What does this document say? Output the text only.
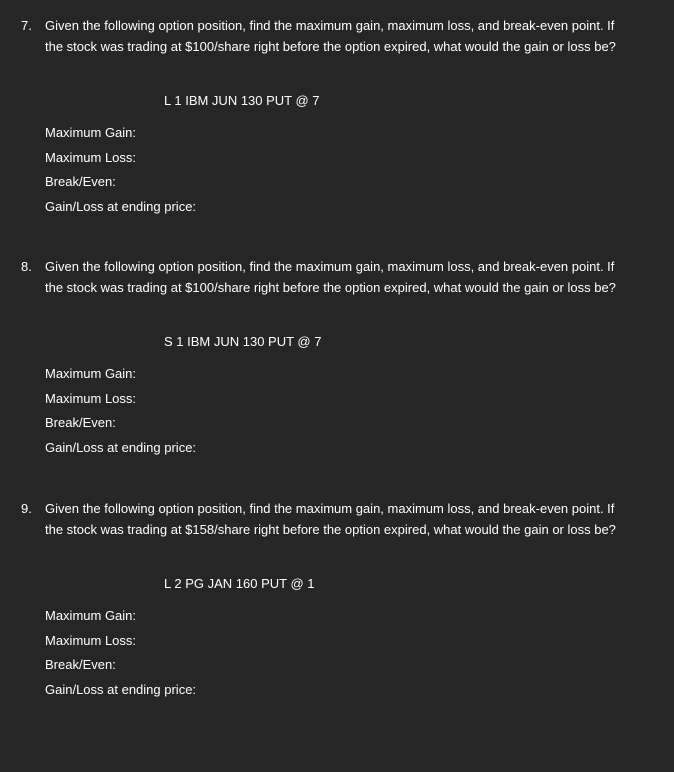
7. Given the following option position, find the maximum gain, maximum loss, and break-even point. If the stock was trading at $100/share right before the option expired, what would the gain or loss be?
L 1 IBM JUN 130 PUT @ 7
Maximum Gain:
Maximum Loss:
Break/Even:
Gain/Loss at ending price:
8. Given the following option position, find the maximum gain, maximum loss, and break-even point. If the stock was trading at $100/share right before the option expired, what would the gain or loss be?
S 1 IBM JUN 130 PUT @ 7
Maximum Gain:
Maximum Loss:
Break/Even:
Gain/Loss at ending price:
9. Given the following option position, find the maximum gain, maximum loss, and break-even point. If the stock was trading at $158/share right before the option expired, what would the gain or loss be?
L 2 PG JAN 160 PUT @ 1
Maximum Gain:
Maximum Loss:
Break/Even:
Gain/Loss at ending price:
